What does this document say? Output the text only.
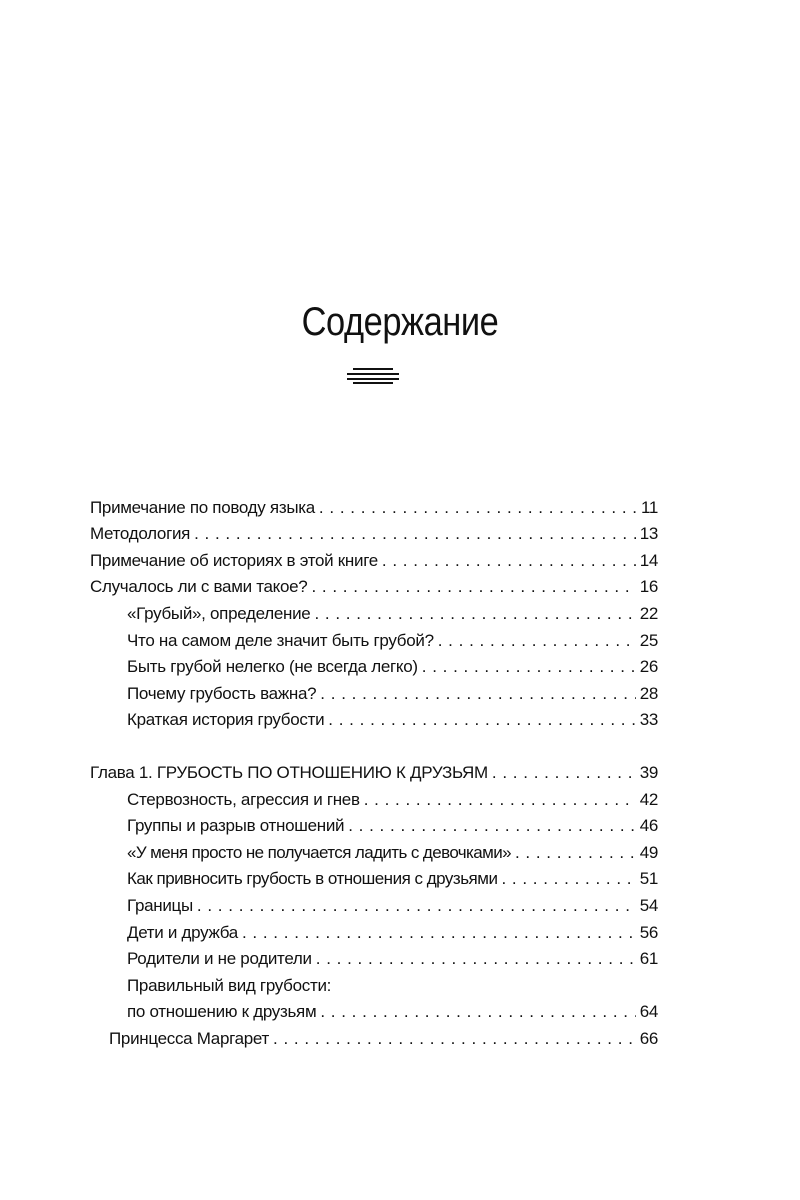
Содержание
Примечание по поводу языка . . .	11
Методология . . .	13
Примечание об историях в этой книге . . .	14
Случалось ли с вами такое? . . .	16
«Грубый», определение . . .	22
Что на самом деле значит быть грубой? . . .	25
Быть грубой нелегко (не всегда легко) . . .	26
Почему грубость важна? . . .	28
Краткая история грубости . . .	33
Глава 1. ГРУБОСТЬ ПО ОТНОШЕНИЮ К ДРУЗЬЯМ . . .	39
Стервозность, агрессия и гнев . . .	42
Группы и разрыв отношений . . .	46
«У меня просто не получается ладить с девочками» . . .	49
Как привносить грубость в отношения с друзьями . . .	51
Границы . . .	54
Дети и дружба . . .	56
Родители и не родители . . .	61
Правильный вид грубости:
по отношению к друзьям . . .	64
Принцесса Маргарет . . .	66
